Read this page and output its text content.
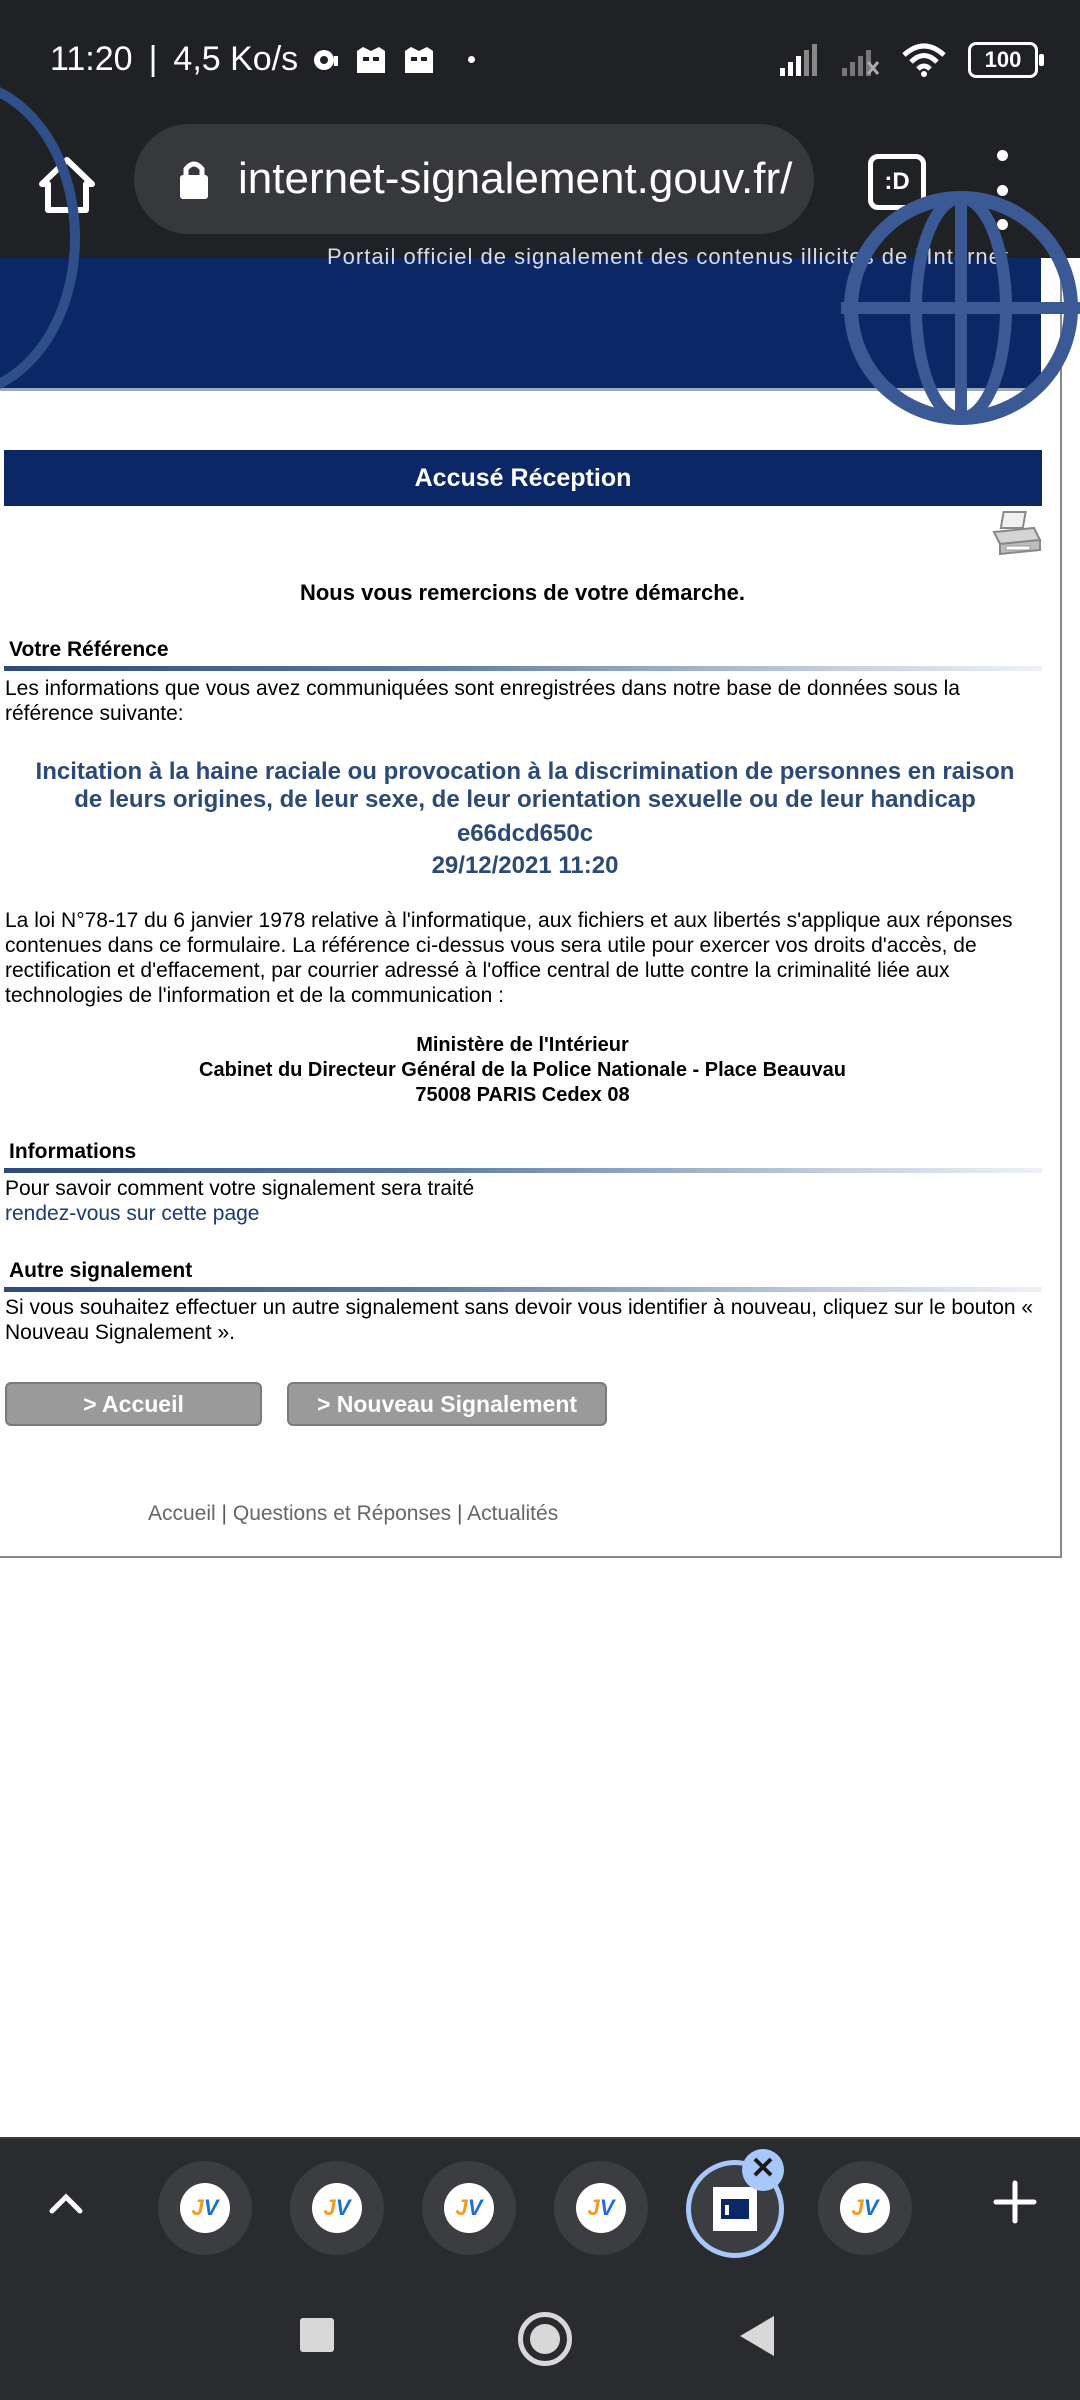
11:20 | 4,5 Ko/s	100
internet-signalement.gouv.fr/	:D
Portail officiel de signalement des contenus illicites de l'Internet
Accusé Réception
Nous vous remercions de votre démarche.
Votre Référence
Les informations que vous avez communiquées sont enregistrées dans notre base de données sous la référence suivante:
Incitation à la haine raciale ou provocation à la discrimination de personnes en raison de leurs origines, de leur sexe, de leur orientation sexuelle ou de leur handicap
e66dcd650c
29/12/2021 11:20
La loi N°78-17 du 6 janvier 1978 relative à l'informatique, aux fichiers et aux libertés s'applique aux réponses contenues dans ce formulaire. La référence ci-dessus vous sera utile pour exercer vos droits d'accès, de rectification et d'effacement, par courrier adressé à l'office central de lutte contre la criminalité liée aux technologies de l'information et de la communication :
Ministère de l'Intérieur
Cabinet du Directeur Général de la Police Nationale - Place Beauvau
75008 PARIS Cedex 08
Informations
Pour savoir comment votre signalement sera traité
rendez-vous sur cette page
Autre signalement
Si vous souhaitez effectuer un autre signalement sans devoir vous identifier à nouveau, cliquez sur le bouton « Nouveau Signalement ».
> Accueil	> Nouveau Signalement
Accueil | Questions et Réponses | Actualités
JV	JV	JV	JV
✕
JV
